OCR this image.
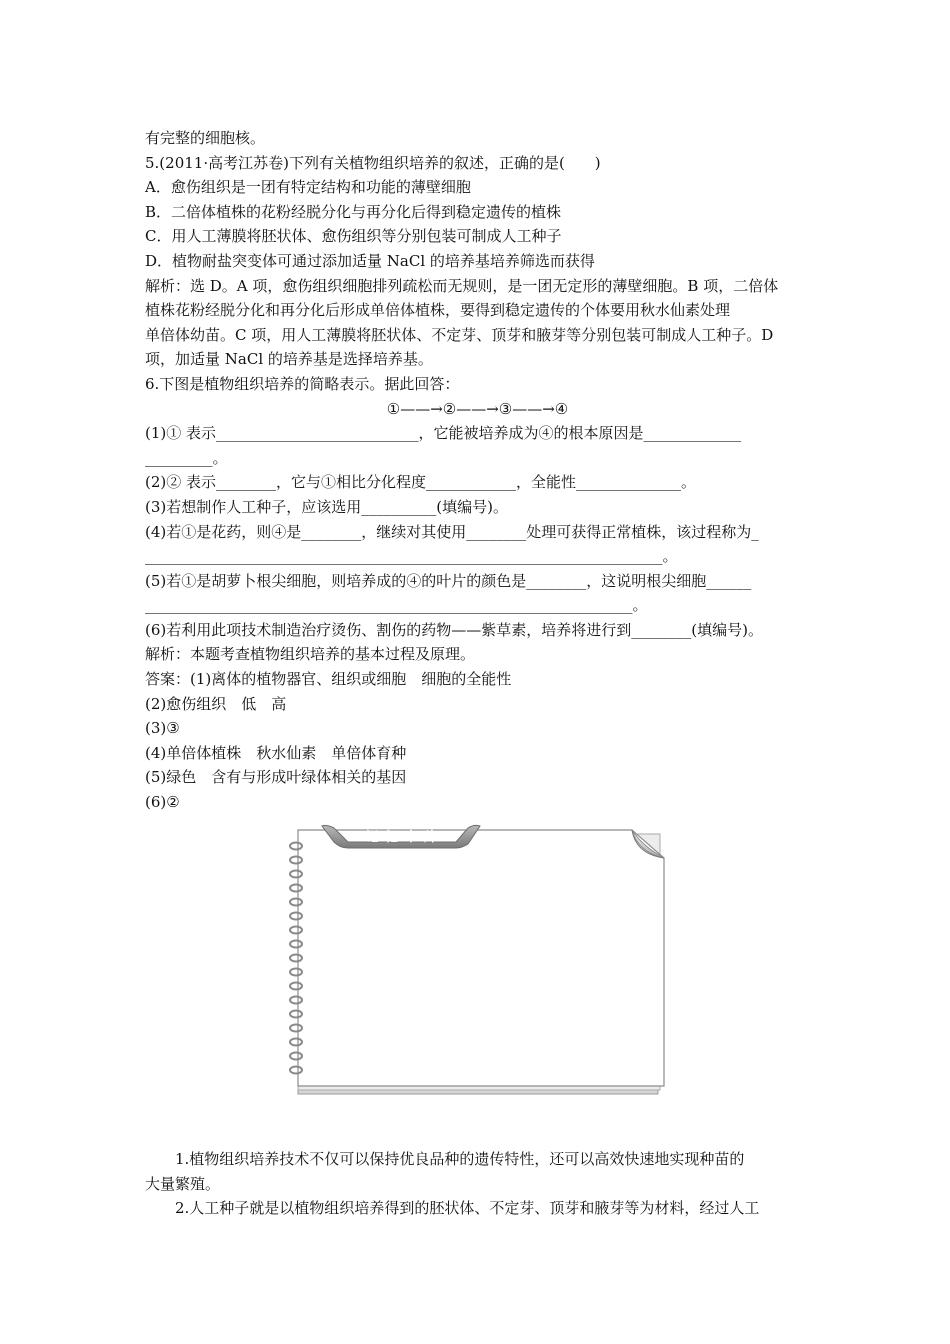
有完整的细胞核。
5.(2011·高考江苏卷)下列有关植物组织培养的叙述，正确的是(　　)
A．愈伤组织是一团有特定结构和功能的薄壁细胞
B．二倍体植株的花粉经脱分化与再分化后得到稳定遗传的植株
C．用人工薄膜将胚状体、愈伤组织等分别包装可制成人工种子
D．植物耐盐突变体可通过添加适量 NaCl 的培养基培养筛选而获得
解析：选 D。A 项，愈伤组织细胞排列疏松而无规则，是一团无定形的薄壁细胞。B 项，二倍体
植株花粉经脱分化和再分化后形成单倍体植株，要得到稳定遗传的个体要用秋水仙素处理
单倍体幼苗。C 项，用人工薄膜将胚状体、不定芽、顶芽和腋芽等分别包装可制成人工种子。D
项，加适量 NaCl 的培养基是选择培养基。
6.下图是植物组织培养的简略表示。据此回答：
①——→②——→③——→④
(1)① 表示___________________________，它能被培养成为④的根本原因是_____________
_________。
(2)② 表示________，它与①相比分化程度____________，全能性______________。
(3)若想制作人工种子，应该选用__________(填编号)。
(4)若①是花药，则④是________，继续对其使用________处理可获得正常植株，该过程称为_
_____________________________________________________________________。
(5)若①是胡萝卜根尖细胞，则培养成的④的叶片的颜色是________，这说明根尖细胞______
_________________________________________________________________。
(6)若利用此项技术制造治疗烫伤、割伤的药物——紫草素，培养将进行到________(填编号)。
解析：本题考查植物组织培养的基本过程及原理。
答案：(1)离体的植物器官、组织或细胞　细胞的全能性
(2)愈伤组织　低　高
(3)③
(4)单倍体植株　秋水仙素　单倍体育种
(5)绿色　含有与形成叶绿体相关的基因
(6)②
记 忆 卡 片
1.植物组织培养技术不仅可以保持优良品种的遗传特性，还可以高效快速地实现种苗的
大量繁殖。
2.人工种子就是以植物组织培养得到的胚状体、不定芽、顶芽和腋芽等为材料，经过人工
